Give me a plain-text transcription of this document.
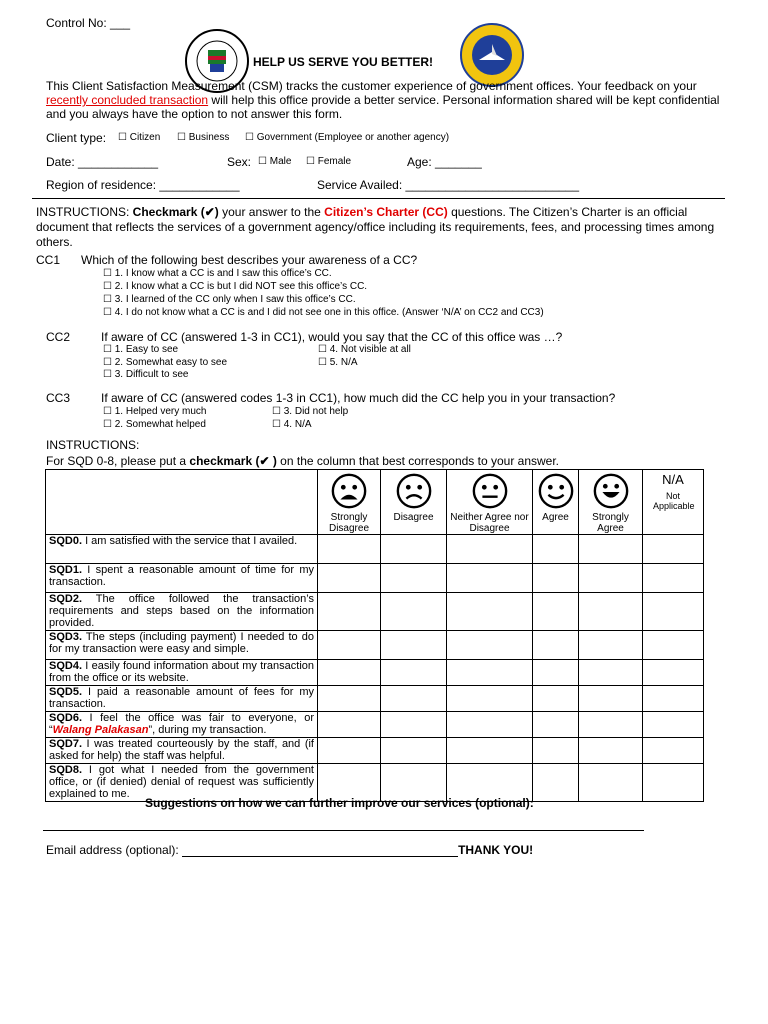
Control No: ___
HELP US SERVE YOU BETTER!
This Client Satisfaction Measurement (CSM) tracks the customer experience of government offices. Your feedback on your recently concluded transaction will help this office provide a better service. Personal information shared will be kept confidential and you always have the option to not answer this form.
Client type: ☐ Citizen ☐ Business ☐ Government (Employee or another agency)
Date: ____________	Sex: ☐ Male ☐ Female	Age: _______
Region of residence: ____________	Service Availed: __________________________
INSTRUCTIONS: Checkmark (✔) your answer to the Citizen’s Charter (CC) questions. The Citizen’s Charter is an official document that reflects the services of a government agency/office including its requirements, fees, and processing times among others.
CC1 Which of the following best describes your awareness of a CC?
☐ 1. I know what a CC is and I saw this office’s CC.
☐ 2. I know what a CC is but I did NOT see this office’s CC.
☐ 3. I learned of the CC only when I saw this office’s CC.
☐ 4. I do not know what a CC is and I did not see one in this office. (Answer ‘N/A’ on CC2 and CC3)
CC2	If aware of CC (answered 1-3 in CC1), would you say that the CC of this office was …?
☐ 1. Easy to see
☐ 2. Somewhat easy to see
☐ 3. Difficult to see
☐ 4. Not visible at all
☐ 5. N/A
CC3	If aware of CC (answered codes 1-3 in CC1), how much did the CC help you in your transaction?
☐ 1. Helped very much
☐ 2. Somewhat helped
☐ 3. Did not help
☐ 4. N/A
INSTRUCTIONS:
For SQD 0-8, please put a checkmark (✔ ) on the column that best corresponds to your answer.

Strongly Disagree	Disagree	Neither Agree nor Disagree	Agree	Strongly Agree	N/A
Not Applicable

SQD0. I am satisfied with the service that I availed.						
SQD1. I spent a reasonable amount of time for my transaction.						
SQD2. The office followed the transaction’s requirements and steps based on the information provided.						
SQD3. The steps (including payment) I needed to do for my transaction were easy and simple.						
SQD4. I easily found information about my transaction from the office or its website.						
SQD5. I paid a reasonable amount of fees for my transaction.						
SQD6. I feel the office was fair to everyone, or “Walang Palakasan”, during my transaction.						
SQD7. I was treated courteously by the staff, and (if asked for help) the staff was helpful.						
SQD8. I got what I needed from the government office, or (if denied) denial of request was sufficiently explained to me.						
Suggestions on how we can further improve our services (optional):
Email address (optional):	THANK YOU!
